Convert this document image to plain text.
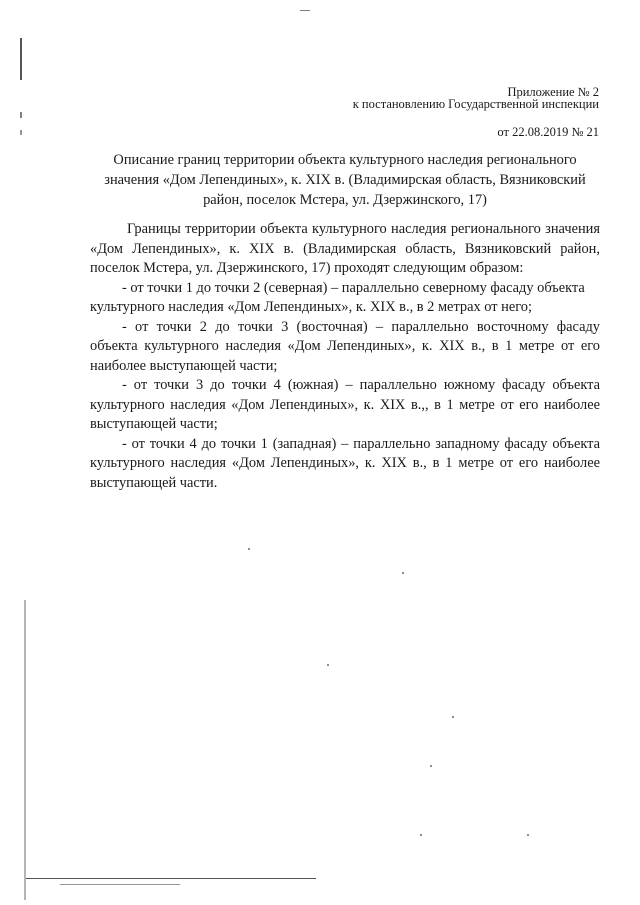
Приложение № 2
к постановлению Государственной инспекции
от 22.08.2019 № 21
Описание границ территории объекта культурного наследия регионального
значения «Дом Лепендиных», к. XIX в. (Владимирская область, Вязниковский
район, поселок Мстера, ул. Дзержинского, 17)
Границы территории объекта культурного наследия регионального значения
«Дом Лепендиных», к. XIX в. (Владимирская область, Вязниковский район,
поселок Мстера, ул. Дзержинского, 17) проходят следующим образом:
- от точки 1 до точки 2 (северная) – параллельно северному фасаду объекта
культурного наследия «Дом Лепендиных», к. XIX в., в 2 метрах от него;
- от точки 2 до точки 3 (восточная) – параллельно восточному фасаду
объекта культурного наследия «Дом Лепендиных», к. XIX в., в 1 метре от его
наиболее выступающей части;
- от точки 3 до точки 4 (южная) – параллельно южному фасаду объекта
культурного наследия «Дом Лепендиных», к. XIX в.,, в 1 метре от его наиболее
выступающей части;
- от точки 4 до точки 1 (западная) – параллельно западному фасаду объекта
культурного наследия «Дом Лепендиных», к. XIX в., в 1 метре от его наиболее
выступающей части.
